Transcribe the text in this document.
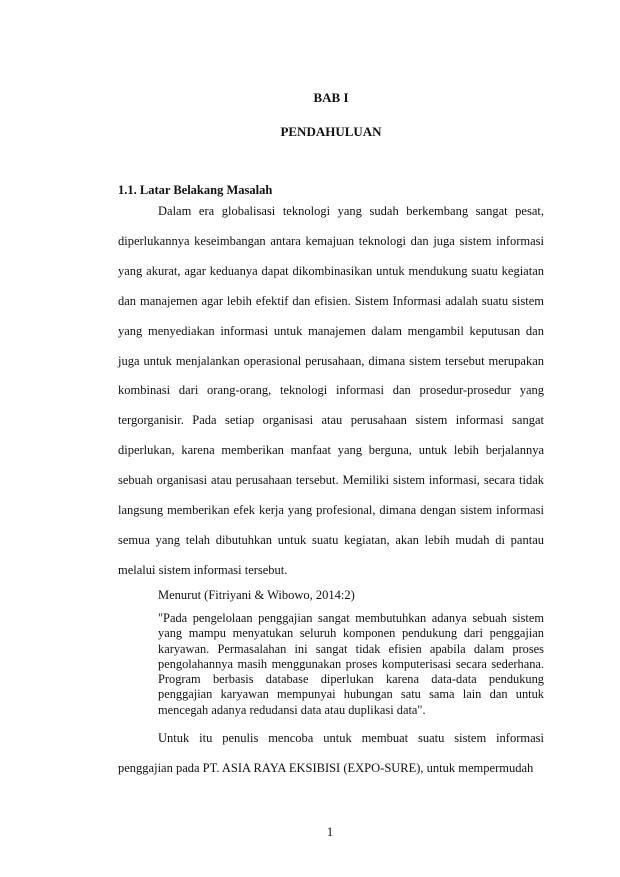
BAB I
PENDAHULUAN
1.1. Latar Belakang Masalah

Dalam era globalisasi teknologi yang sudah berkembang sangat pesat, diperlukannya keseimbangan antara kemajuan teknologi dan juga sistem informasi yang akurat, agar keduanya dapat dikombinasikan untuk mendukung suatu kegiatan dan manajemen agar lebih efektif dan efisien. Sistem Informasi adalah suatu sistem yang menyediakan informasi untuk manajemen dalam mengambil keputusan dan juga untuk menjalankan operasional perusahaan, dimana sistem tersebut merupakan kombinasi dari orang-orang, teknologi informasi dan prosedur-prosedur yang tergorganisir. Pada setiap organisasi atau perusahaan sistem informasi sangat diperlukan, karena memberikan manfaat yang berguna, untuk lebih berjalannya sebuah organisasi atau perusahaan tersebut. Memiliki sistem informasi, secara tidak langsung memberikan efek kerja yang profesional, dimana dengan sistem informasi semua yang telah dibutuhkan untuk suatu kegiatan, akan lebih mudah di pantau melalui sistem informasi tersebut.

Menurut (Fitriyani & Wibowo, 2014:2)

"Pada pengelolaan penggajian sangat membutuhkan adanya sebuah sistem yang mampu menyatukan seluruh komponen pendukung dari penggajian karyawan. Permasalahan ini sangat tidak efisien apabila dalam proses pengolahannya masih menggunakan proses komputerisasi secara sederhana. Program berbasis database diperlukan karena data-data pendukung penggajian karyawan mempunyai hubungan satu sama lain dan untuk mencegah adanya redudansi data atau duplikasi data".

Untuk itu penulis mencoba untuk membuat suatu sistem informasi penggajian pada PT. ASIA RAYA EKSIBISI (EXPO-SURE), untuk mempermudah

1
